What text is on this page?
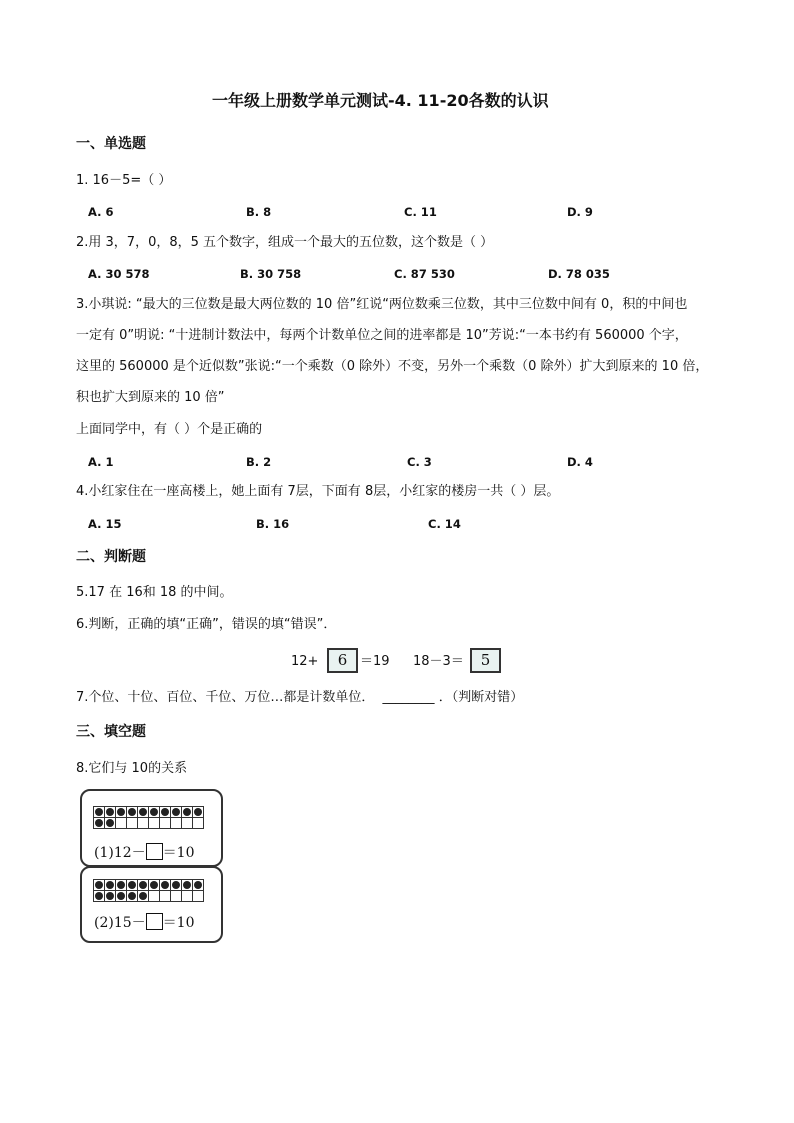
一年级上册数学单元测试-4. 11-20各数的认识
一、单选题
1. 16－5=（ ）
A. 6	B. 8	C. 11	D. 9
2.用 3，7，0，8，5 五个数字，组成一个最大的五位数，这个数是（ ）
A. 30 578	B. 30 758	C. 87 530	D. 78 035
3.小琪说: “最大的三位数是最大两位数的 10 倍”红说“两位数乘三位数，其中三位数中间有 0，积的中间也
一定有 0”明说: “十进制计数法中，每两个计数单位之间的进率都是 10”芳说:“一本书约有 560000 个字，
这里的 560000 是个近似数”张说:“一个乘数（0 除外）不变，另外一个乘数（0 除外）扩大到原来的 10 倍，
积也扩大到原来的 10 倍”
上面同学中，有（ ）个是正确的
A. 1	B. 2	C. 3	D. 4
4.小红家住在一座高楼上，她上面有 7层，下面有 8层，小红家的楼房一共（ ）层。
A. 15	B. 16	C. 14
二、判断题
5.17 在 16和 18 的中间。
6.判断，正确的填“正确”，错误的填“错误”．
12+	6 ＝19 18－3＝	5
7.个位、十位、百位、千位、万位…都是计数单位． ________ ．（判断对错）
三、填空题
8.它们与 10的关系
(1)12－ ＝10
(2)15－ ＝10
